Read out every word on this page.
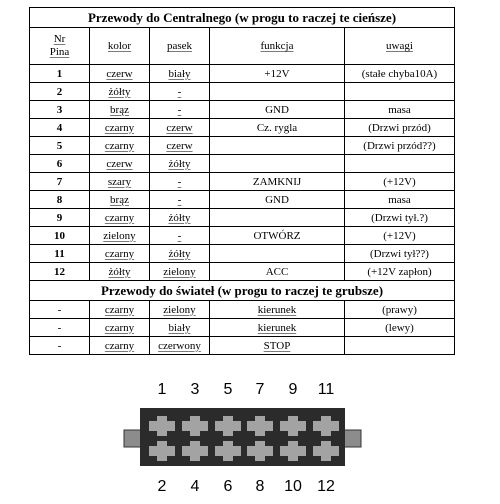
Przewody do Centralnego (w progu to raczej te cieńsze)				

Nr
Pina	kolor	pasek	funkcja	uwagi
1	czerw	biały	+12V	(stałe chyba10A)
2	żółty	-		
3	brąz	-	GND	masa
4	czarny	czerw	Cz. rygla	(Drzwi przód)
5	czarny	czerw		(Drzwi przód??)
6	czerw	żółty		
7	szary	-	ZAMKNIJ	(+12V)
8	brąz	-	GND	masa
9	czarny	żółty		(Drzwi tył.?)
10	zielony	-	OTWÓRZ	(+12V)
11	czarny	żółty		(Drzwi tył??)
12	żółty	zielony	ACC	(+12V zapłon)
Przewody do świateł (w progu to raczej te grubsze)				
-	czarny	zielony	kierunek	(prawy)
-	czarny	biały	kierunek	(lewy)
-	czarny	czerwony	STOP	
1 3 5 7 9 11
2 4 6 8 10 12
